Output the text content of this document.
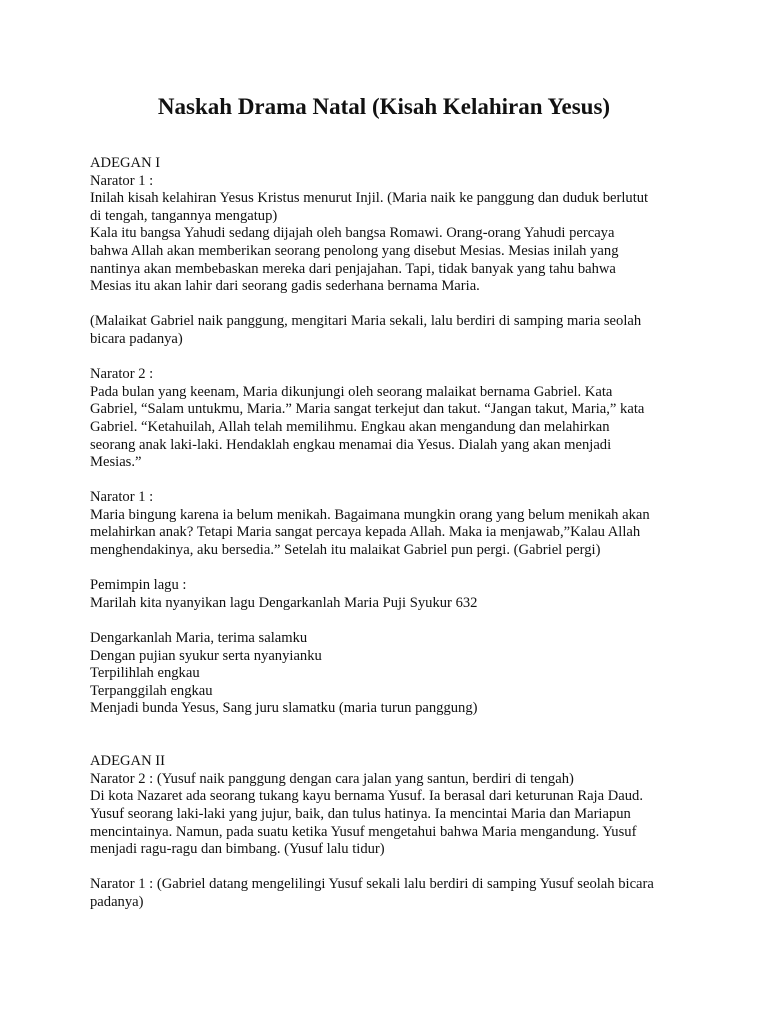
Naskah Drama Natal (Kisah Kelahiran Yesus)
ADEGAN I
Narator 1 :
Inilah kisah kelahiran Yesus Kristus menurut Injil. (Maria naik ke panggung dan duduk berlutut
di tengah, tangannya mengatup)
Kala itu bangsa Yahudi sedang dijajah oleh bangsa Romawi. Orang-orang Yahudi percaya
bahwa Allah akan memberikan seorang penolong yang disebut Mesias. Mesias inilah yang
nantinya akan membebaskan mereka dari penjajahan. Tapi, tidak banyak yang tahu bahwa
Mesias itu akan lahir dari seorang gadis sederhana bernama Maria.
(Malaikat Gabriel naik panggung, mengitari Maria sekali, lalu berdiri di samping maria seolah
bicara padanya)
Narator 2 :
Pada bulan yang keenam, Maria dikunjungi oleh seorang malaikat bernama Gabriel. Kata
Gabriel, “Salam untukmu, Maria.” Maria sangat terkejut dan takut. “Jangan takut, Maria,” kata
Gabriel. “Ketahuilah, Allah telah memilihmu. Engkau akan mengandung dan melahirkan
seorang anak laki-laki. Hendaklah engkau menamai dia Yesus. Dialah yang akan menjadi
Mesias.”
Narator 1 :
Maria bingung karena ia belum menikah. Bagaimana mungkin orang yang belum menikah akan
melahirkan anak? Tetapi Maria sangat percaya kepada Allah. Maka ia menjawab,”Kalau Allah
menghendakinya, aku bersedia.” Setelah itu malaikat Gabriel pun pergi. (Gabriel pergi)
Pemimpin lagu :
Marilah kita nyanyikan lagu Dengarkanlah Maria Puji Syukur 632
Dengarkanlah Maria, terima salamku
Dengan pujian syukur serta nyanyianku
Terpilihlah engkau
Terpanggilah engkau
Menjadi bunda Yesus, Sang juru slamatku (maria turun panggung)
ADEGAN II
Narator 2 : (Yusuf naik panggung dengan cara jalan yang santun, berdiri di tengah)
Di kota Nazaret ada seorang tukang kayu bernama Yusuf. Ia berasal dari keturunan Raja Daud.
Yusuf seorang laki-laki yang jujur, baik, dan tulus hatinya. Ia mencintai Maria dan Mariapun
mencintainya. Namun, pada suatu ketika Yusuf mengetahui bahwa Maria mengandung. Yusuf
menjadi ragu-ragu dan bimbang. (Yusuf lalu tidur)
Narator 1 : (Gabriel datang mengelilingi Yusuf sekali lalu berdiri di samping Yusuf seolah bicara
padanya)
